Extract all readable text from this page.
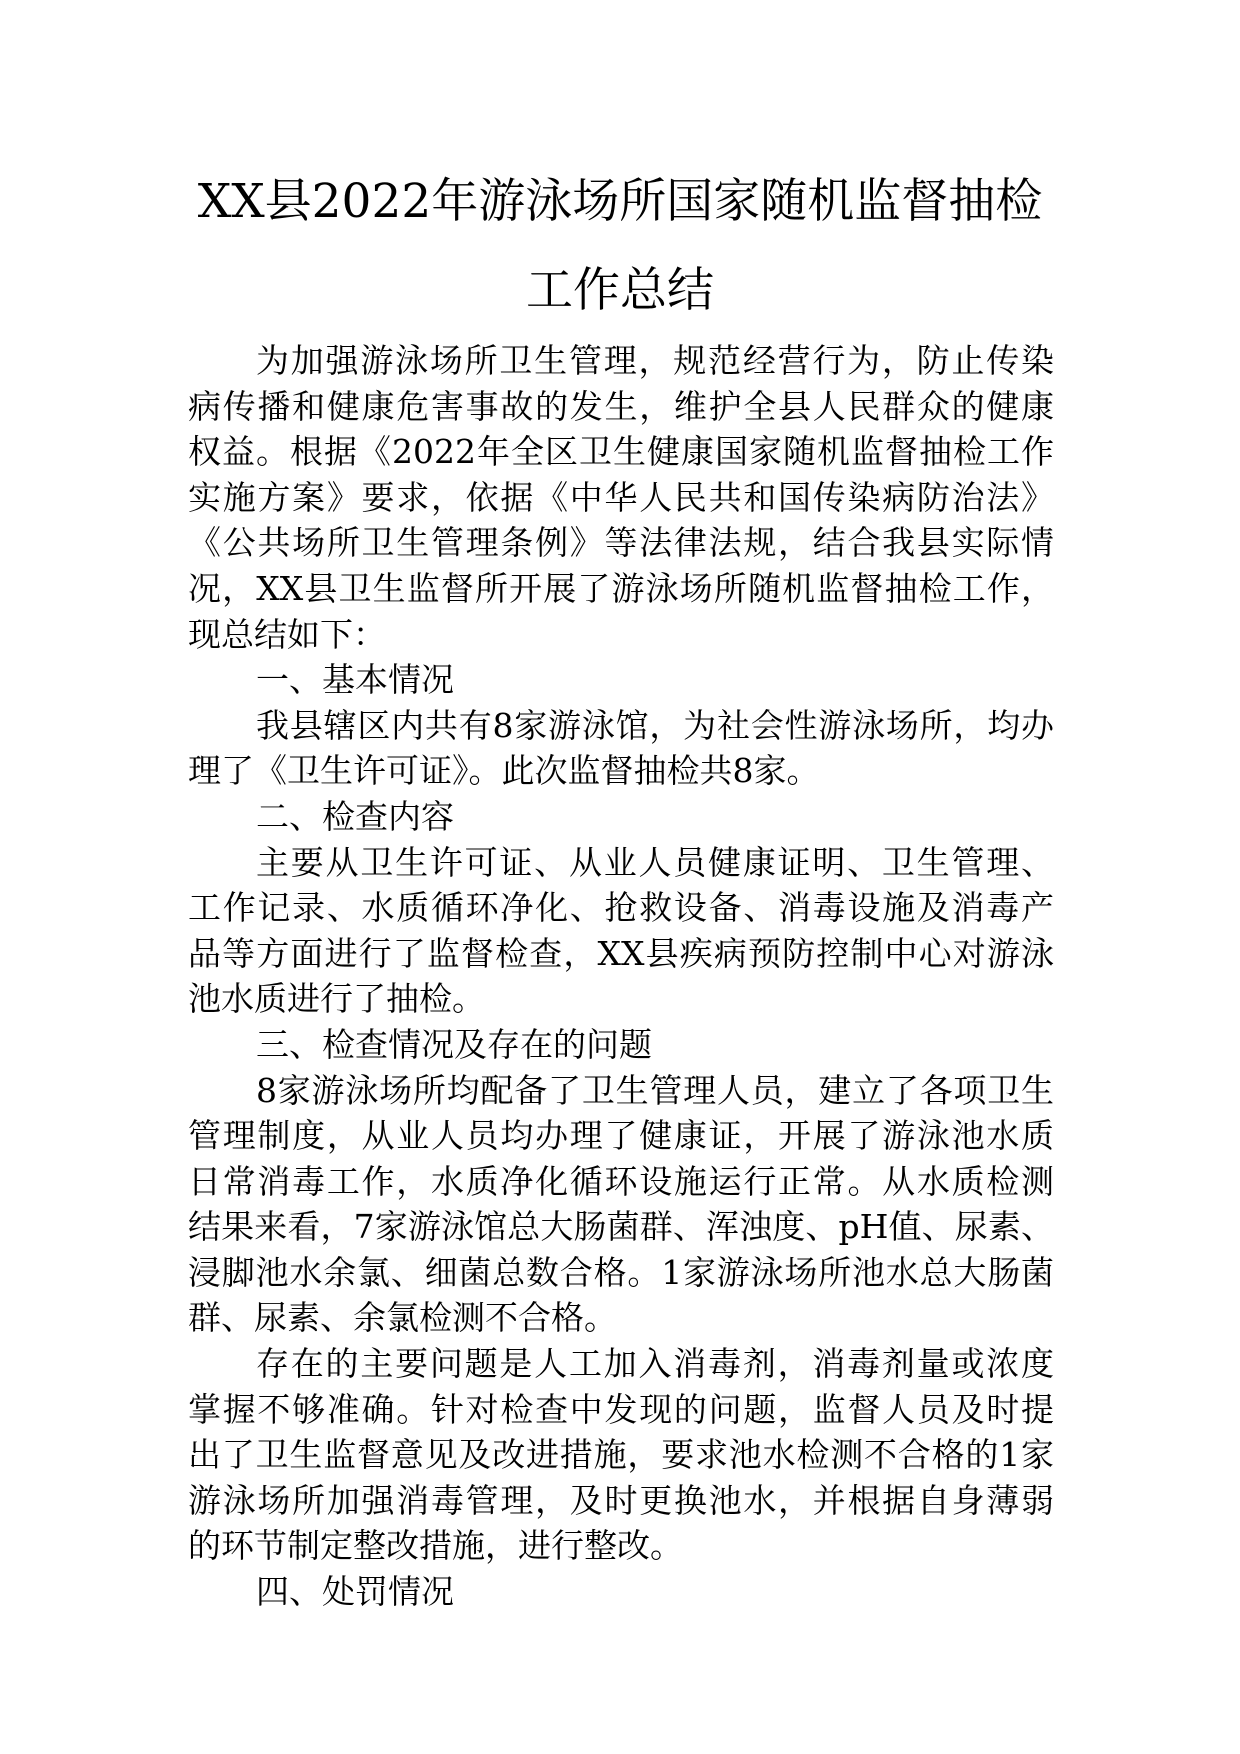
XX县2022年游泳场所国家随机监督抽检
工作总结
为加强游泳场所卫生管理，规范经营行为，防止传染
病传播和健康危害事故的发生，维护全县人民群众的健康
权益。根据《2022年全区卫生健康国家随机监督抽检工作
实施方案》要求，依据《中华人民共和国传染病防治法》
《公共场所卫生管理条例》等法律法规，结合我县实际情
况，XX县卫生监督所开展了游泳场所随机监督抽检工作，
现总结如下：
一、基本情况
我县辖区内共有8家游泳馆，为社会性游泳场所，均办
理了《卫生许可证》。此次监督抽检共8家。
二、检查内容
主要从卫生许可证、从业人员健康证明、卫生管理、
工作记录、水质循环净化、抢救设备、消毒设施及消毒产
品等方面进行了监督检查，XX县疾病预防控制中心对游泳
池水质进行了抽检。
三、检查情况及存在的问题
8家游泳场所均配备了卫生管理人员，建立了各项卫生
管理制度，从业人员均办理了健康证，开展了游泳池水质
日常消毒工作，水质净化循环设施运行正常。从水质检测
结果来看，7家游泳馆总大肠菌群、浑浊度、pH值、尿素、
浸脚池水余氯、细菌总数合格。1家游泳场所池水总大肠菌
群、尿素、余氯检测不合格。
存在的主要问题是人工加入消毒剂，消毒剂量或浓度
掌握不够准确。针对检查中发现的问题，监督人员及时提
出了卫生监督意见及改进措施，要求池水检测不合格的1家
游泳场所加强消毒管理，及时更换池水，并根据自身薄弱
的环节制定整改措施，进行整改。
四、处罚情况
